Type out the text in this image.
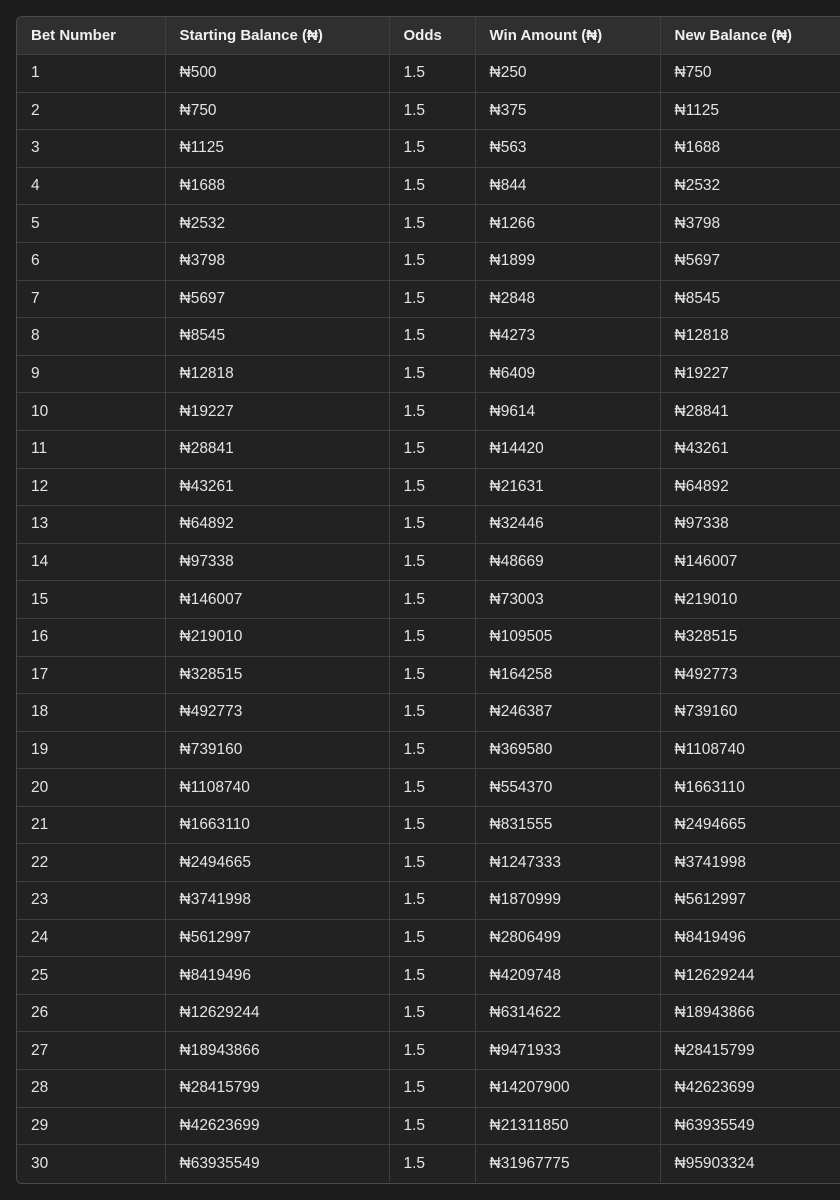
Bet Number	Starting Balance (₦)	Odds	Win Amount (₦)	New Balance (₦)
1	₦500	1.5	₦250	₦750
2	₦750	1.5	₦375	₦1125
3	₦1125	1.5	₦563	₦1688
4	₦1688	1.5	₦844	₦2532
5	₦2532	1.5	₦1266	₦3798
6	₦3798	1.5	₦1899	₦5697
7	₦5697	1.5	₦2848	₦8545
8	₦8545	1.5	₦4273	₦12818
9	₦12818	1.5	₦6409	₦19227
10	₦19227	1.5	₦9614	₦28841
11	₦28841	1.5	₦14420	₦43261
12	₦43261	1.5	₦21631	₦64892
13	₦64892	1.5	₦32446	₦97338
14	₦97338	1.5	₦48669	₦146007
15	₦146007	1.5	₦73003	₦219010
16	₦219010	1.5	₦109505	₦328515
17	₦328515	1.5	₦164258	₦492773
18	₦492773	1.5	₦246387	₦739160
19	₦739160	1.5	₦369580	₦1108740
20	₦1108740	1.5	₦554370	₦1663110
21	₦1663110	1.5	₦831555	₦2494665
22	₦2494665	1.5	₦1247333	₦3741998
23	₦3741998	1.5	₦1870999	₦5612997
24	₦5612997	1.5	₦2806499	₦8419496
25	₦8419496	1.5	₦4209748	₦12629244
26	₦12629244	1.5	₦6314622	₦18943866
27	₦18943866	1.5	₦9471933	₦28415799
28	₦28415799	1.5	₦14207900	₦42623699
29	₦42623699	1.5	₦21311850	₦63935549
30	₦63935549	1.5	₦31967775	₦95903324
